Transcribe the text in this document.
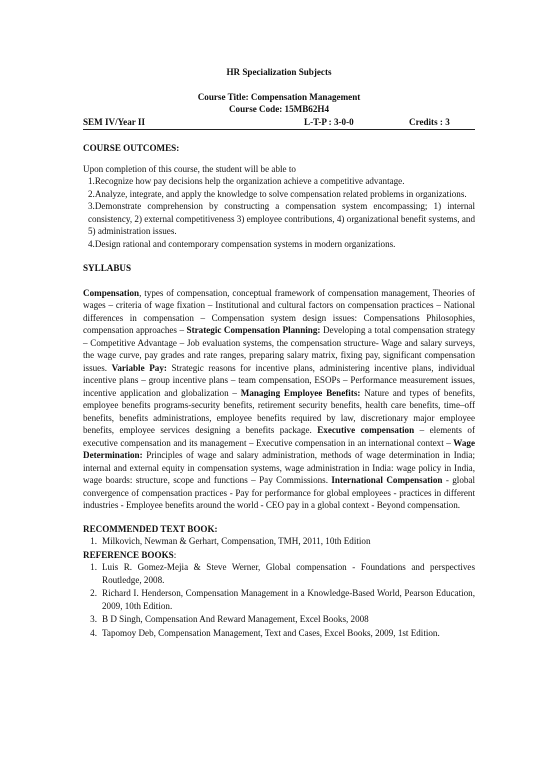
HR Specialization Subjects
Course Title: Compensation Management
Course Code: 15MB62H4
SEM IV/Year II	L-T-P : 3-0-0	Credits : 3
COURSE OUTCOMES:
Upon completion of this course, the student will be able to
1.Recognize how pay decisions help the organization achieve a competitive advantage.
2.Analyze, integrate, and apply the knowledge to solve compensation related problems in organizations.
3.Demonstrate comprehension by constructing a compensation system encompassing; 1) internal consistency, 2) external competitiveness 3) employee contributions, 4) organizational benefit systems, and 5) administration issues.
4.Design rational and contemporary compensation systems in modern organizations.
SYLLABUS
Compensation, types of compensation, conceptual framework of compensation management, Theories of wages – criteria of wage fixation – Institutional and cultural factors on compensation practices – National differences in compensation – Compensation system design issues: Compensations Philosophies, compensation approaches – Strategic Compensation Planning: Developing a total compensation strategy – Competitive Advantage – Job evaluation systems, the compensation structure- Wage and salary surveys, the wage curve, pay grades and rate ranges, preparing salary matrix, fixing pay, significant compensation issues. Variable Pay: Strategic reasons for incentive plans, administering incentive plans, individual incentive plans – group incentive plans – team compensation, ESOPs – Performance measurement issues, incentive application and globalization – Managing Employee Benefits: Nature and types of benefits, employee benefits programs-security benefits, retirement security benefits, health care benefits, time–off benefits, benefits administrations, employee benefits required by law, discretionary major employee benefits, employee services designing a benefits package. Executive compensation – elements of executive compensation and its management – Executive compensation in an international context – Wage Determination: Principles of wage and salary administration, methods of wage determination in India; internal and external equity in compensation systems, wage administration in India: wage policy in India, wage boards: structure, scope and functions – Pay Commissions. International Compensation - global convergence of compensation practices - Pay for performance for global employees - practices in different industries - Employee benefits around the world - CEO pay in a global context - Beyond compensation.
RECOMMENDED TEXT BOOK:
1. Milkovich, Newman & Gerhart, Compensation, TMH, 2011, 10th Edition
REFERENCE BOOKS:
1. Luis R. Gomez-Mejia & Steve Werner, Global compensation - Foundations and perspectives Routledge, 2008.
2. Richard I. Henderson, Compensation Management in a Knowledge-Based World, Pearson Education, 2009, 10th Edition.
3. B D Singh, Compensation And Reward Management, Excel Books, 2008
4. Tapomoy Deb, Compensation Management, Text and Cases, Excel Books, 2009, 1st Edition.
